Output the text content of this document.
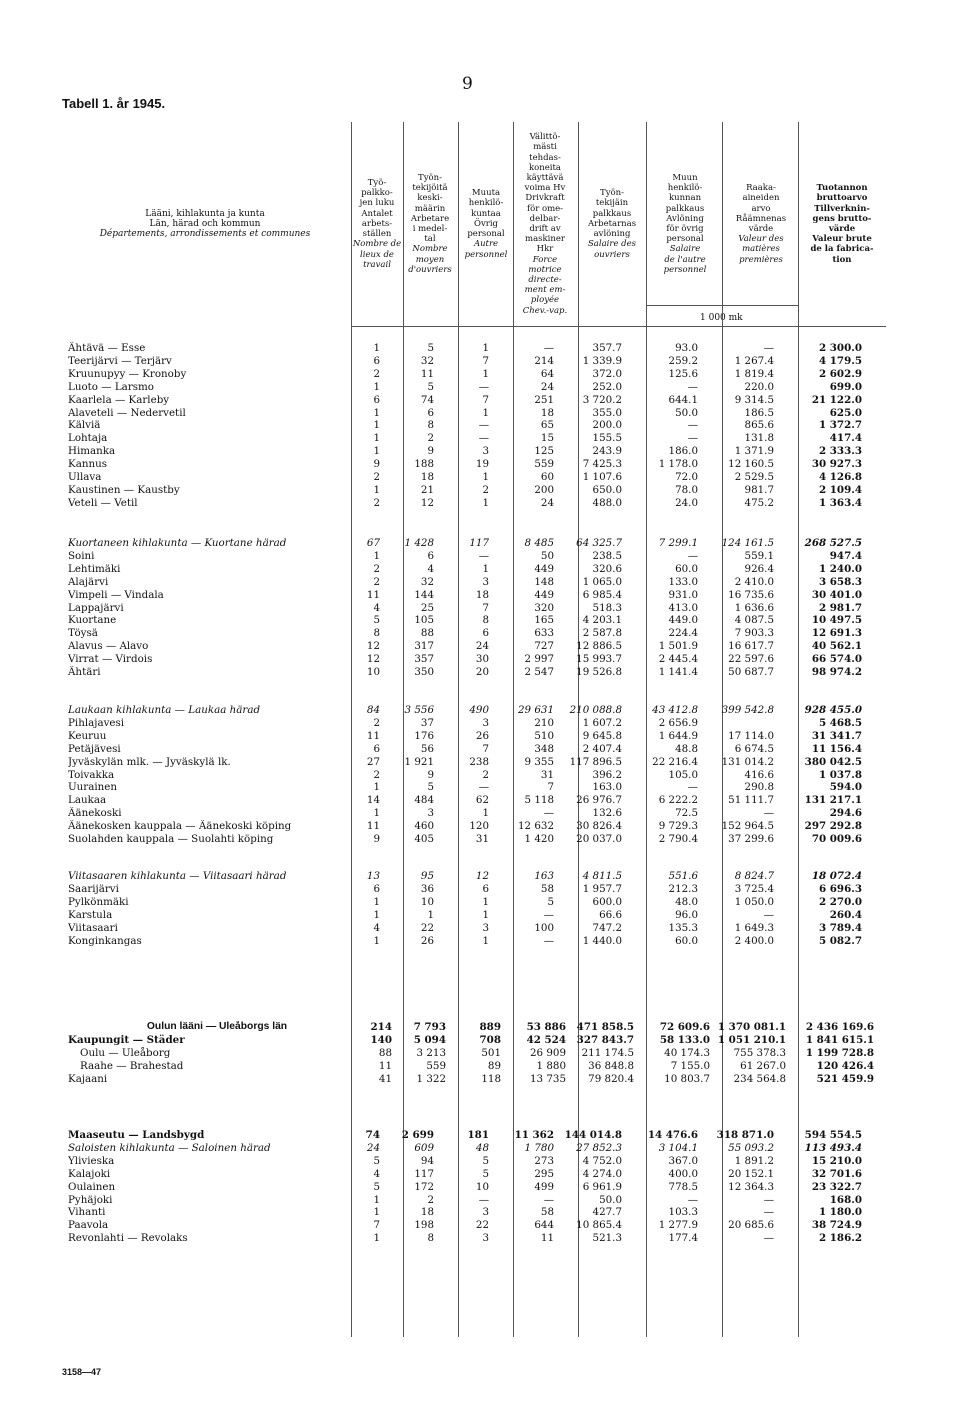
9
Tabell 1. år 1945.
Lääni, kihlakunta ja kunta
Län, härad och kommun
Départements, arrondissements et communes
Työ-
palkko-
jen luku
Antalet
arbets-
ställen
Nombre de
lieux de
travail
Työn-
tekijöitä
keski-
määrin
Arbetare
i medel-
tal
Nombre
moyen
d'ouvriers
Muuta
henkilö-
kuntaa
Övrig
personal
Autre
personnel
Välittö-
mästi
tehdas-
koneita
käyttävä
voima Hv
Drivkraft
för ome-
delbar-
drift av
maskiner
Hkr
Force
motrice
directe-
ment em-
ployée
Chev.-vap.
Työn-
tekijäin
palkkaus
Arbetarnas
avlöning
Salaire des
ouvriers
Muun
henkilö-
kunnan
palkkaus
Avlöning
för övrig
personal
Salaire
de l'autre
personnel
Raaka-
aineiden
arvo
Råämnenas
värde
Valeur des
matières
premières
Tuotannon
bruttoarvo
Tillverknin-
gens brutto-
värde
Valeur brute
de la fabrica-
tion
1 000 mk
Ähtävä — Esse	1	5	1	—	357.7	93.0	—	2 300.0
Teerijärvi — Terjärv	6	32	7	214	1 339.9	259.2	1 267.4	4 179.5
Kruunupyy — Kronoby	2	11	1	64	372.0	125.6	1 819.4	2 602.9
Luoto — Larsmo	1	5	—	24	252.0	—	220.0	699.0
Kaarlela — Karleby	6	74	7	251	3 720.2	644.1	9 314.5	21 122.0
Alaveteli — Nedervetil	1	6	1	18	355.0	50.0	186.5	625.0
Kälviä	1	8	—	65	200.0	—	865.6	1 372.7
Lohtaja	1	2	—	15	155.5	—	131.8	417.4
Himanka	1	9	3	125	243.9	186.0	1 371.9	2 333.3
Kannus	9	188	19	559	7 425.3	1 178.0	12 160.5	30 927.3
Ullava	2	18	1	60	1 107.6	72.0	2 529.5	4 126.8
Kaustinen — Kaustby	1	21	2	200	650.0	78.0	981.7	2 109.4
Veteli — Vetil	2	12	1	24	488.0	24.0	475.2	1 363.4
Kuortaneen kihlakunta — Kuortane härad	67	1 428	117	8 485	64 325.7	7 299.1	124 161.5	268 527.5
Soini	1	6	—	50	238.5	—	559.1	947.4
Lehtimäki	2	4	1	449	320.6	60.0	926.4	1 240.0
Alajärvi	2	32	3	148	1 065.0	133.0	2 410.0	3 658.3
Vimpeli — Vindala	11	144	18	449	6 985.4	931.0	16 735.6	30 401.0
Lappajärvi	4	25	7	320	518.3	413.0	1 636.6	2 981.7
Kuortane	5	105	8	165	4 203.1	449.0	4 087.5	10 497.5
Töysä	8	88	6	633	2 587.8	224.4	7 903.3	12 691.3
Alavus — Alavo	12	317	24	727	12 886.5	1 501.9	16 617.7	40 562.1
Virrat — Virdois	12	357	30	2 997	15 993.7	2 445.4	22 597.6	66 574.0
Ähtäri	10	350	20	2 547	19 526.8	1 141.4	50 687.7	98 974.2
Laukaan kihlakunta — Laukaa härad	84	3 556	490	29 631	210 088.8	43 412.8	399 542.8	928 455.0
Pihlajavesi	2	37	3	210	1 607.2	2 656.9		5 468.5
Keuruu	11	176	26	510	9 645.8	1 644.9	17 114.0	31 341.7
Petäjävesi	6	56	7	348	2 407.4	48.8	6 674.5	11 156.4
Jyväskylän mlk. — Jyväskylä lk.	27	1 921	238	9 355	117 896.5	22 216.4	131 014.2	380 042.5
Toivakka	2	9	2	31	396.2	105.0	416.6	1 037.8
Uurainen	1	5	—	7	163.0	—	290.8	594.0
Laukaa	14	484	62	5 118	26 976.7	6 222.2	51 111.7	131 217.1
Äänekoski	1	3	1	—	132.6	72.5	—	294.6
Äänekosken kauppala — Äänekoski köping	11	460	120	12 632	30 826.4	9 729.3	152 964.5	297 292.8
Suolahden kauppala — Suolahti köping	9	405	31	1 420	20 037.0	2 790.4	37 299.6	70 009.6
Viitasaaren kihlakunta — Viitasaari härad	13	95	12	163	4 811.5	551.6	8 824.7	18 072.4
Saarijärvi	6	36	6	58	1 957.7	212.3	3 725.4	6 696.3
Pylkönmäki	1	10	1	5	600.0	48.0	1 050.0	2 270.0
Karstula	1	1	1	—	66.6	96.0	—	260.4
Viitasaari	4	22	3	100	747.2	135.3	1 649.3	3 789.4
Konginkangas	1	26	1	—	1 440.0	60.0	2 400.0	5 082.7
Oulun lääni — Uleåborgs län	214	7 793	889	53 886	471 858.5	72 609.6	1 370 081.1	2 436 169.6
Kaupungit — Städer	140	5 094	708	42 524	327 843.7	58 133.0	1 051 210.1	1 841 615.1
Oulu — Uleåborg	88	3 213	501	26 909	211 174.5	40 174.3	755 378.3	1 199 728.8
Raahe — Brahestad	11	559	89	1 880	36 848.8	7 155.0	61 267.0	120 426.4
Kajaani	41	1 322	118	13 735	79 820.4	10 803.7	234 564.8	521 459.9
Maaseutu — Landsbygd	74	2 699	181	11 362	144 014.8	14 476.6	318 871.0	594 554.5
Saloisten kihlakunta — Saloinen härad	24	609	48	1 780	27 852.3	3 104.1	55 093.2	113 493.4
Ylivieska	5	94	5	273	4 752.0	367.0	1 891.2	15 210.0
Kalajoki	4	117	5	295	4 274.0	400.0	20 152.1	32 701.6
Oulainen	5	172	10	499	6 961.9	778.5	12 364.3	23 322.7
Pyhäjoki	1	2	—	—	50.0	—	—	168.0
Vihanti	1	18	3	58	427.7	103.3	—	1 180.0
Paavola	7	198	22	644	10 865.4	1 277.9	20 685.6	38 724.9
Revonlahti — Revolaks	1	8	3	11	521.3	177.4	—	2 186.2
3158—47
